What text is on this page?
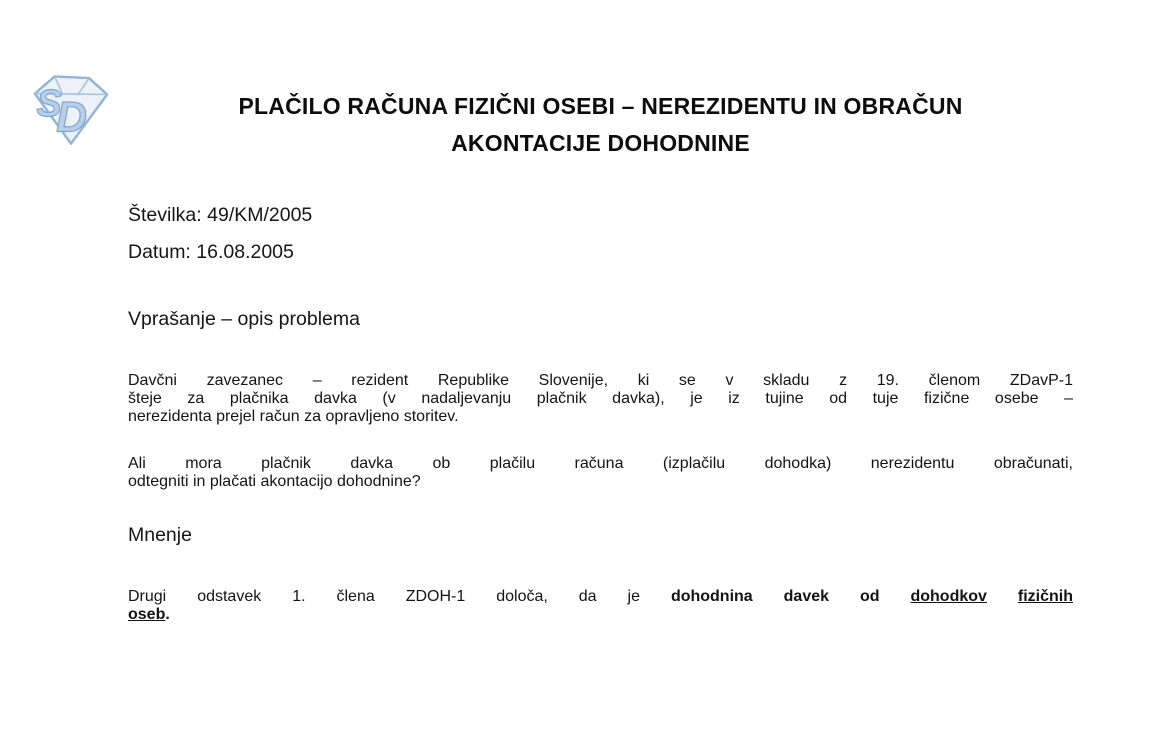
S
D	PLAČILO RAČUNA FIZIČNI OSEBI – NEREZIDENTU IN OBRAČUN
AKONTACIJE DOHODNINE
Številka: 49/KM/2005
Datum: 16.08.2005
Vprašanje – opis problema

Davčni zavezanec – rezident Republike Slovenije, ki se v skladu z 19. členom ZDavP-1
šteje za plačnika davka (v nadaljevanju plačnik davka), je iz tujine od tuje fizične osebe –
nerezidenta prejel račun za opravljeno storitev.

Ali mora plačnik davka ob plačilu računa (izplačilu dohodka) nerezidentu obračunati,
odtegniti in plačati akontacijo dohodnine?

Mnenje

Drugi odstavek 1. člena ZDOH-1 določa, da je dohodnina davek od dohodkov fizičnih
oseb.
